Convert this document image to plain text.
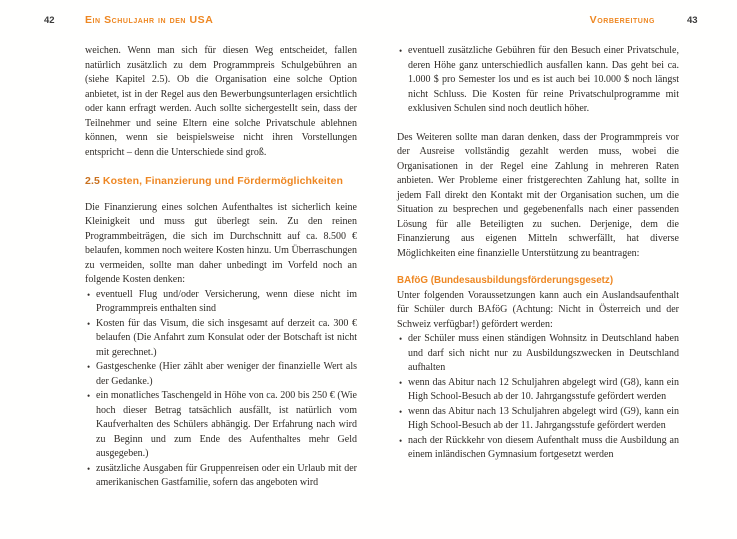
42	Ein Schuljahr in den USA	Vorbereitung	43

weichen. Wenn man sich für diesen Weg entscheidet, fallen natürlich zusätzlich zu dem Programmpreis Schulgebühren an (siehe Kapitel 2.5). Ob die Organisation eine solche Option anbietet, ist in der Regel aus den Bewerbungsunterlagen ersichtlich oder kann erfragt werden. Auch sollte sichergestellt sein, dass der Teilnehmer und seine Eltern eine solche Privatschule ablehnen können, wenn sie beispielsweise nicht ihren Vorstellungen entspricht – denn die Unterschiede sind groß.

2.5 Kosten, Finanzierung und Fördermöglichkeiten

Die Finanzierung eines solchen Aufenthaltes ist sicherlich keine Kleinigkeit und muss gut überlegt sein. Zu den reinen Programmbeiträgen, die sich im Durchschnitt auf ca. 8.500 € belaufen, kommen noch weitere Kosten hinzu. Um Überraschungen zu vermeiden, sollte man daher unbedingt im Vorfeld noch an folgende Kosten denken:

• eventuell Flug und/oder Versicherung, wenn diese nicht im Programmpreis enthalten sind
• Kosten für das Visum, die sich insgesamt auf derzeit ca. 300 € belaufen (Die Anfahrt zum Konsulat oder der Botschaft ist nicht mit gerechnet.)
• Gastgeschenke (Hier zählt aber weniger der finanzielle Wert als der Gedanke.)
• ein monatliches Taschengeld in Höhe von ca. 200 bis 250 € (Wie hoch dieser Betrag tatsächlich ausfällt, ist natürlich vom Kaufverhalten des Schülers abhängig. Der Erfahrung nach wird zu Beginn und zum Ende des Aufenthaltes mehr Geld ausgegeben.)
• zusätzliche Ausgaben für Gruppenreisen oder ein Urlaub mit der amerikanischen Gastfamilie, sofern das angeboten wird
• eventuell zusätzliche Gebühren für den Besuch einer Privatschule, deren Höhe ganz unterschiedlich ausfallen kann. Das geht bei ca. 1.000 $ pro Semester los und es ist auch bei 10.000 $ noch längst nicht Schluss. Die Kosten für reine Privatschulprogramme mit exklusiven Schulen sind noch deutlich höher.

Des Weiteren sollte man daran denken, dass der Programmpreis vor der Ausreise vollständig gezahlt werden muss, wobei die Organisationen in der Regel eine Zahlung in mehreren Raten anbieten. Wer Probleme einer fristgerechten Zahlung hat, sollte in jedem Fall direkt den Kontakt mit der Organisation suchen, um die Situation zu besprechen und gegebenenfalls nach einer passenden Lösung für alle Beteiligten zu suchen. Derjenige, dem die Finanzierung aus eigenen Mitteln schwerfällt, hat diverse Möglichkeiten eine finanzielle Unterstützung zu beantragen:

BAföG (Bundesausbildungsförderungsgesetz)

Unter folgenden Voraussetzungen kann auch ein Auslandsaufenthalt für Schüler durch BAföG (Achtung: Nicht in Österreich und der Schweiz verfügbar!) gefördert werden:

• der Schüler muss einen ständigen Wohnsitz in Deutschland haben und darf sich nicht nur zu Ausbildungszwecken in Deutschland aufhalten
• wenn das Abitur nach 12 Schuljahren abgelegt wird (G8), kann ein High School-Besuch ab der 10. Jahrgangsstufe gefördert werden
• wenn das Abitur nach 13 Schuljahren abgelegt wird (G9), kann ein High School-Besuch ab der 11. Jahrgangsstufe gefördert werden
• nach der Rückkehr von diesem Aufenthalt muss die Ausbildung an einem inländischen Gymnasium fortgesetzt werden
